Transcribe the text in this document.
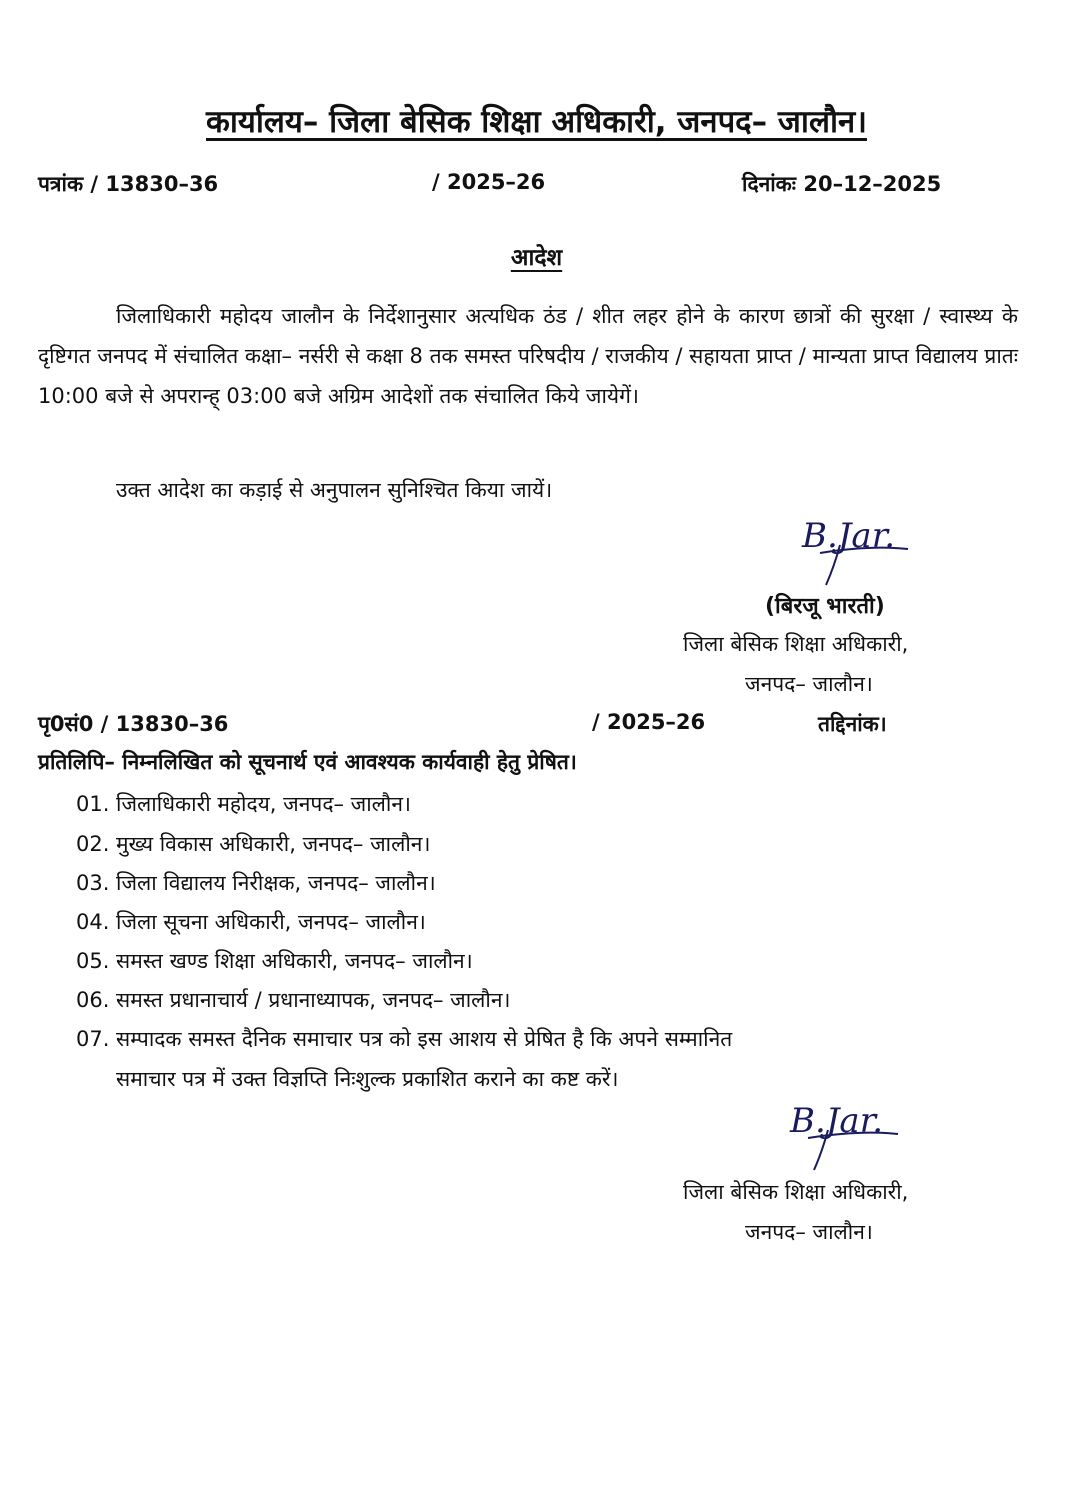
कार्यालय– जिला बेसिक शिक्षा अधिकारी, जनपद– जालौन।
पत्रांक / 13830–36	/ 2025–26	दिनांकः 20–12–2025
आदेश

जिलाधिकारी महोदय जालौन के निर्देशानुसार अत्यधिक ठंड / शीत लहर होने के कारण छात्रों की सुरक्षा / स्वास्थ्य के दृष्टिगत जनपद में संचालित कक्षा– नर्सरी से कक्षा 8 तक समस्त परिषदीय / राजकीय / सहायता प्राप्त / मान्यता प्राप्त विद्यालय प्रातः 10:00 बजे से अपरान्ह् 03:00 बजे अग्रिम आदेशों तक संचालित किये जायेगें।

उक्त आदेश का कड़ाई से अनुपालन सुनिश्चित किया जायें।
B.Jar.
(बिरजू भारती)
जिला बेसिक शिक्षा अधिकारी,
जनपद– जालौन।
पृ0सं0 / 13830–36	/ 2025–26	तद्दिनांक।
प्रतिलिपि– निम्नलिखित को सूचनार्थ एवं आवश्यक कार्यवाही हेतु प्रेषित।
01. जिलाधिकारी महोदय, जनपद– जालौन।
02. मुख्य विकास अधिकारी, जनपद– जालौन।
03. जिला विद्यालय निरीक्षक, जनपद– जालौन।
04. जिला सूचना अधिकारी, जनपद– जालौन।
05. समस्त खण्ड शिक्षा अधिकारी, जनपद– जालौन।
06. समस्त प्रधानाचार्य / प्रधानाध्यापक, जनपद– जालौन।
07. सम्पादक समस्त दैनिक समाचार पत्र को इस आशय से प्रेषित है कि अपने सम्मानित
समाचार पत्र में उक्त विज्ञप्ति निःशुल्क प्रकाशित कराने का कष्ट करें।
B.Jar.
जिला बेसिक शिक्षा अधिकारी,
जनपद– जालौन।
